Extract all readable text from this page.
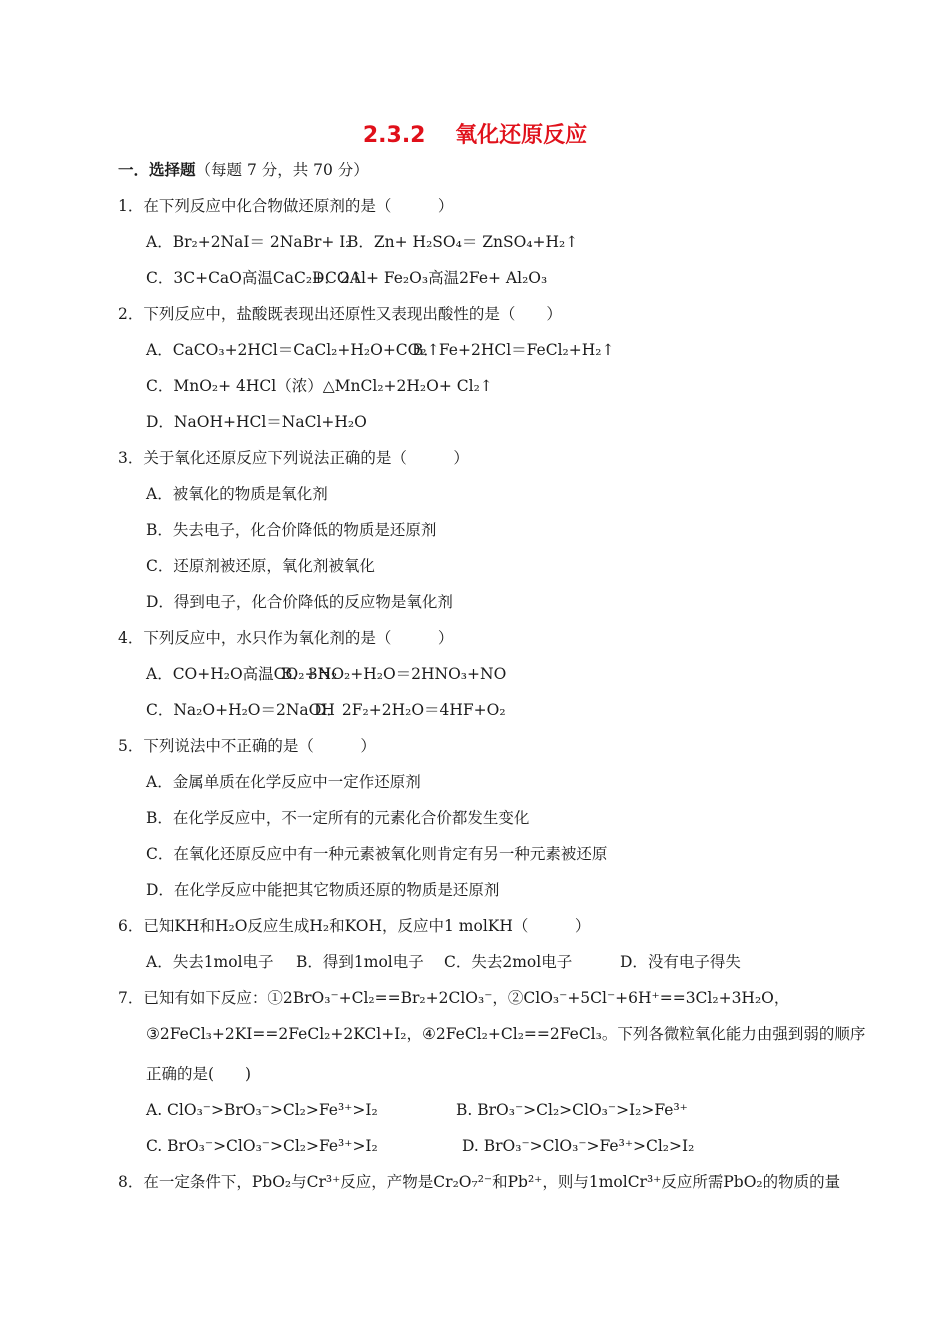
2.3.2　 氧化还原反应
一．选择题（每题 7 分，共 70 分）
1．在下列反应中化合物做还原剂的是（　　　）
A．Br₂+2NaI＝ 2NaBr+ I₂
B．Zn+ H₂SO₄＝ ZnSO₄+H₂↑
C．3C+CaO高温CaC₂+CO↑
D．2Al+ Fe₂O₃高温2Fe+ Al₂O₃
2．下列反应中，盐酸既表现出还原性又表现出酸性的是（　　）
A．CaCO₃+2HCl＝CaCl₂+H₂O+CO₂↑
B．Fe+2HCl＝FeCl₂+H₂↑
C．MnO₂+ 4HCl（浓）△MnCl₂+2H₂O+ Cl₂↑
D．NaOH+HCl＝NaCl+H₂O
3．关于氧化还原反应下列说法正确的是（　　　）
A．被氧化的物质是氧化剂
B．失去电子，化合价降低的物质是还原剂
C．还原剂被还原，氧化剂被氧化
D．得到电子，化合价降低的反应物是氧化剂
4．下列反应中，水只作为氧化剂的是（　　　）
A．CO+H₂O高温CO₂+H₂
B．3NO₂+H₂O＝2HNO₃+NO
C．Na₂O+H₂O＝2NaOH
D．2F₂+2H₂O＝4HF+O₂
5．下列说法中不正确的是（　　　）
A．金属单质在化学反应中一定作还原剂
B．在化学反应中，不一定所有的元素化合价都发生变化
C．在氧化还原反应中有一种元素被氧化则肯定有另一种元素被还原
D．在化学反应中能把其它物质还原的物质是还原剂
6．已知KH和H₂O反应生成H₂和KOH，反应中1 molKH（　　　）
A．失去1mol电子 B．得到1mol电子 C．失去2mol电子	D．没有电子得失
7．已知有如下反应：①2BrO₃⁻+Cl₂==Br₂+2ClO₃⁻，②ClO₃⁻+5Cl⁻+6H⁺==3Cl₂+3H₂O，
③2FeCl₃+2KI==2FeCl₂+2KCl+I₂，④2FeCl₂+Cl₂==2FeCl₃。下列各微粒氧化能力由强到弱的顺序
正确的是(　　)
A. ClO₃⁻>BrO₃⁻>Cl₂>Fe³⁺>I₂	B. BrO₃⁻>Cl₂>ClO₃⁻>I₂>Fe³⁺
C. BrO₃⁻>ClO₃⁻>Cl₂>Fe³⁺>I₂	D. BrO₃⁻>ClO₃⁻>Fe³⁺>Cl₂>I₂
8．在一定条件下，PbO₂与Cr³⁺反应，产物是Cr₂O₇²⁻和Pb²⁺，则与1molCr³⁺反应所需PbO₂的物质的量
